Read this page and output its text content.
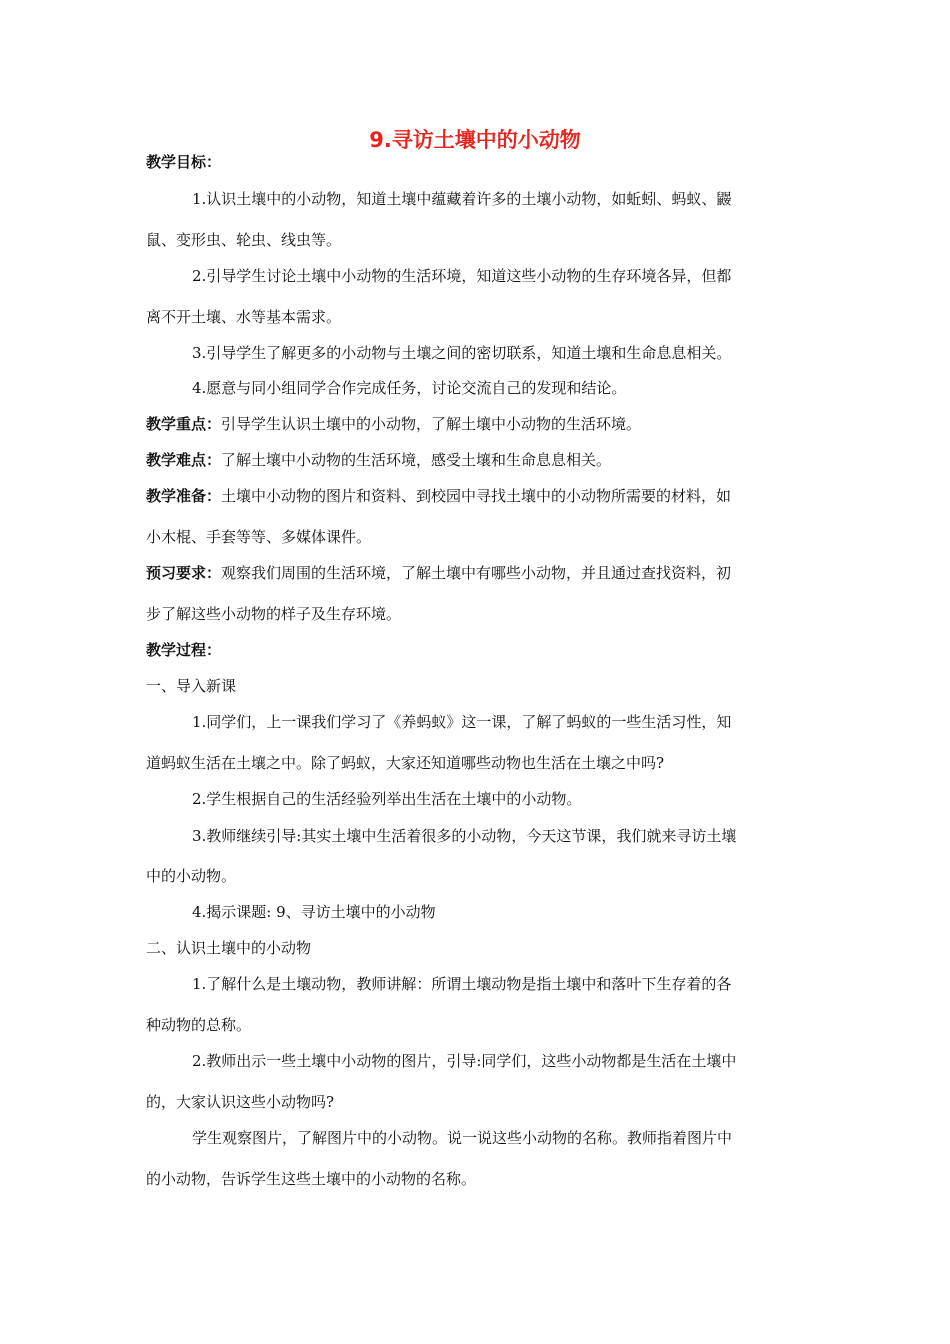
9.寻访土壤中的小动物
教学目标：
1.认识土壤中的小动物，知道土壤中蕴藏着许多的土壤小动物，如蚯蚓、蚂蚁、鼹
鼠、变形虫、轮虫、线虫等。
2.引导学生讨论土壤中小动物的生活环境，知道这些小动物的生存环境各异，但都
离不开土壤、水等基本需求。
3.引导学生了解更多的小动物与土壤之间的密切联系，知道土壤和生命息息相关。
4.愿意与同小组同学合作完成任务，讨论交流自己的发现和结论。
教学重点：引导学生认识土壤中的小动物，了解土壤中小动物的生活环境。
教学难点：了解土壤中小动物的生活环境，感受土壤和生命息息相关。
教学准备：土壤中小动物的图片和资料、到校园中寻找土壤中的小动物所需要的材料，如
小木棍、手套等等、多媒体课件。
预习要求：观察我们周围的生活环境，了解土壤中有哪些小动物，并且通过查找资料，初
步了解这些小动物的样子及生存环境。
教学过程：
一、导入新课
1.同学们，上一课我们学习了《养蚂蚁》这一课，了解了蚂蚁的一些生活习性，知
道蚂蚁生活在土壤之中。除了蚂蚁，大家还知道哪些动物也生活在土壤之中吗?
2.学生根据自己的生活经验列举出生活在土壤中的小动物。
3.教师继续引导:其实土壤中生活着很多的小动物，今天这节课，我们就来寻访土壤
中的小动物。
4.揭示课题: 9、寻访土壤中的小动物
二、认识土壤中的小动物
1.了解什么是土壤动物，教师讲解：所谓土壤动物是指土壤中和落叶下生存着的各
种动物的总称。
2.教师出示一些土壤中小动物的图片，引导:同学们，这些小动物都是生活在土壤中
的，大家认识这些小动物吗?
学生观察图片，了解图片中的小动物。说一说这些小动物的名称。教师指着图片中
的小动物，告诉学生这些土壤中的小动物的名称。
